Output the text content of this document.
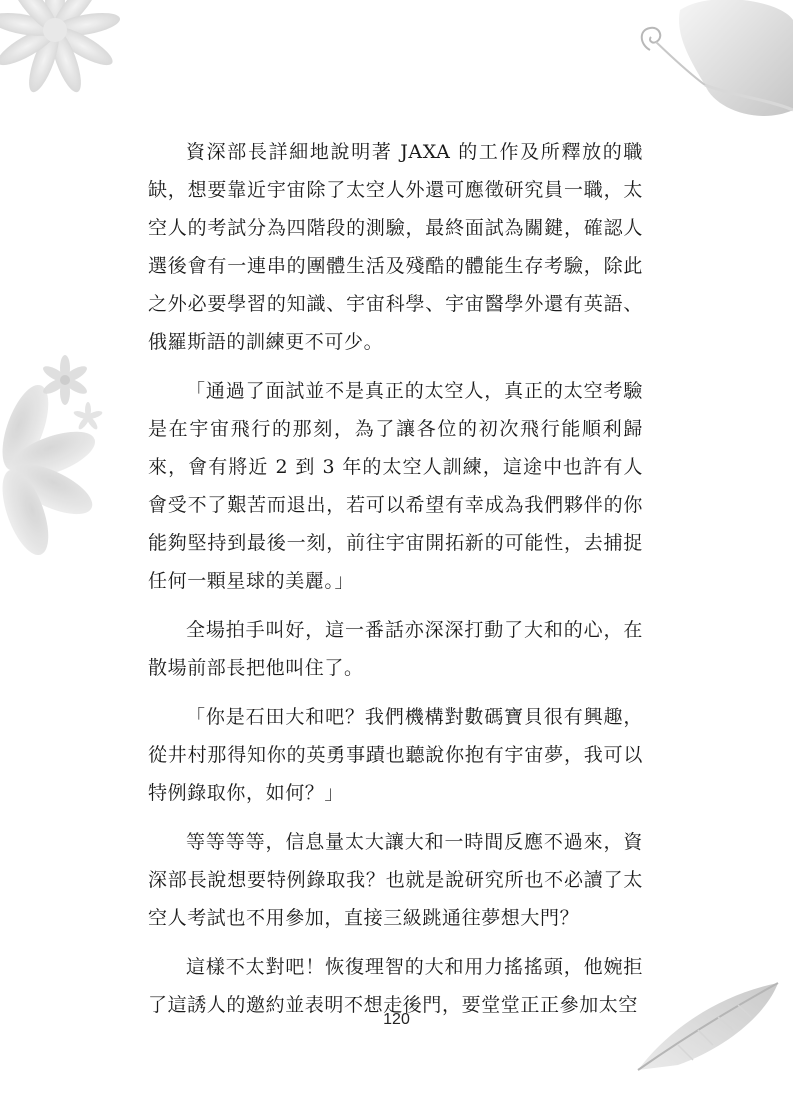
資深部長詳細地說明著 JAXA 的工作及所釋放的職缺，想要靠近宇宙除了太空人外還可應徵研究員一職，太空人的考試分為四階段的測驗，最終面試為關鍵，確認人選後會有一連串的團體生活及殘酷的體能生存考驗，除此之外必要學習的知識、宇宙科學、宇宙醫學外還有英語、俄羅斯語的訓練更不可少。

「通過了面試並不是真正的太空人，真正的太空考驗是在宇宙飛行的那刻，為了讓各位的初次飛行能順利歸來，會有將近 2 到 3 年的太空人訓練，這途中也許有人會受不了艱苦而退出，若可以希望有幸成為我們夥伴的你能夠堅持到最後一刻，前往宇宙開拓新的可能性，去捕捉任何一顆星球的美麗。」

全場拍手叫好，這一番話亦深深打動了大和的心，在散場前部長把他叫住了。

「你是石田大和吧？我們機構對數碼寶貝很有興趣，從井村那得知你的英勇事蹟也聽說你抱有宇宙夢，我可以特例錄取你，如何？」

等等等等，信息量太大讓大和一時間反應不過來，資深部長說想要特例錄取我？也就是說研究所也不必讀了太空人考試也不用參加，直接三級跳通往夢想大門？

這樣不太對吧！恢復理智的大和用力搖搖頭，他婉拒了這誘人的邀約並表明不想走後門，要堂堂正正參加太空

120
